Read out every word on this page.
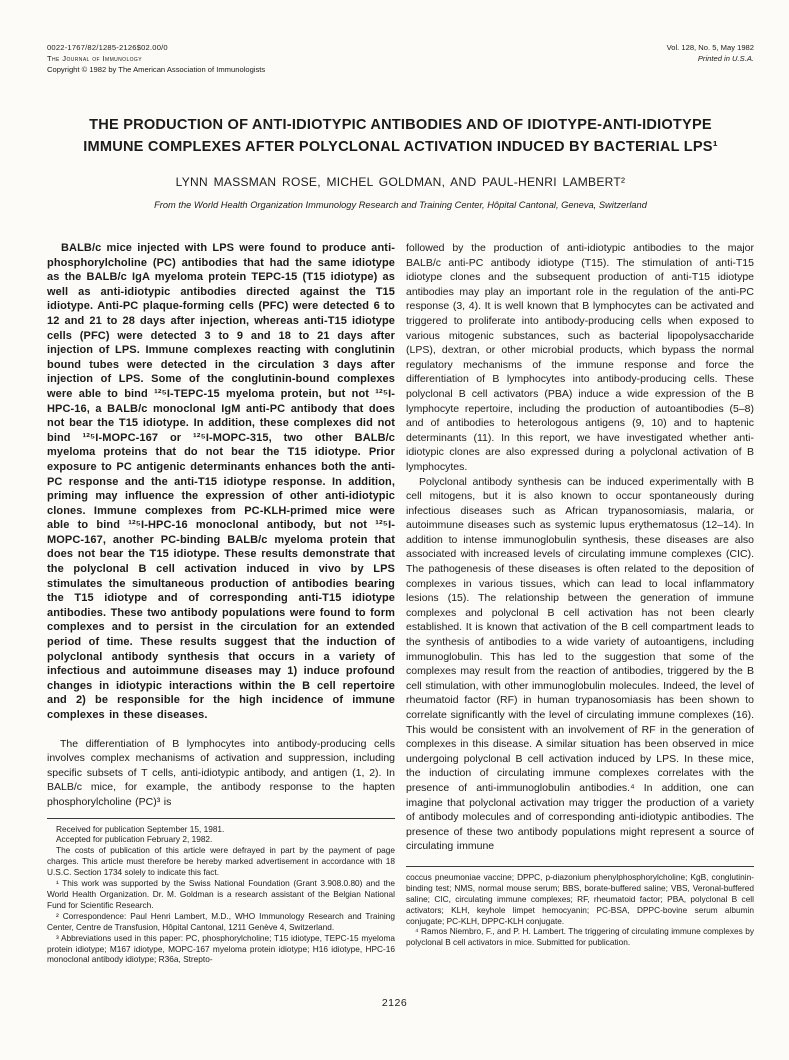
0022-1767/82/1285-2126$02.00/0
The Journal of Immunology
Copyright © 1982 by The American Association of Immunologists
Vol. 128, No. 5, May 1982
Printed in U.S.A.
THE PRODUCTION OF ANTI-IDIOTYPIC ANTIBODIES AND OF IDIOTYPE-ANTI-IDIOTYPE
IMMUNE COMPLEXES AFTER POLYCLONAL ACTIVATION INDUCED BY BACTERIAL LPS¹
LYNN MASSMAN ROSE, MICHEL GOLDMAN, AND PAUL-HENRI LAMBERT²
From the World Health Organization Immunology Research and Training Center, Hôpital Cantonal, Geneva, Switzerland

BALB/c mice injected with LPS were found to produce anti-phosphorylcholine (PC) antibodies that had the same idiotype as the BALB/c IgA myeloma protein TEPC-15 (T15 idiotype) as well as anti-idiotypic antibodies directed against the T15 idiotype. Anti-PC plaque-forming cells (PFC) were detected 6 to 12 and 21 to 28 days after injection, whereas anti-T15 idiotype cells (PFC) were detected 3 to 9 and 18 to 21 days after injection of LPS. Immune complexes reacting with conglutinin bound tubes were detected in the circulation 3 days after injection of LPS. Some of the conglutinin-bound complexes were able to bind ¹²⁵I-TEPC-15 myeloma protein, but not ¹²⁵I-HPC-16, a BALB/c monoclonal IgM anti-PC antibody that does not bear the T15 idiotype. In addition, these complexes did not bind ¹²⁵I-MOPC-167 or ¹²⁵I-MOPC-315, two other BALB/c myeloma proteins that do not bear the T15 idiotype. Prior exposure to PC antigenic determinants enhances both the anti-PC response and the anti-T15 idiotype response. In addition, priming may influence the expression of other anti-idiotypic clones. Immune complexes from PC-KLH-primed mice were able to bind ¹²⁵I-HPC-16 monoclonal antibody, but not ¹²⁵I-MOPC-167, another PC-binding BALB/c myeloma protein that does not bear the T15 idiotype. These results demonstrate that the polyclonal B cell activation induced in vivo by LPS stimulates the simultaneous production of antibodies bearing the T15 idiotype and of corresponding anti-T15 idiotype antibodies. These two antibody populations were found to form complexes and to persist in the circulation for an extended period of time. These results suggest that the induction of polyclonal antibody synthesis that occurs in a variety of infectious and autoimmune diseases may 1) induce profound changes in idiotypic interactions within the B cell repertoire and 2) be responsible for the high incidence of immune complexes in these diseases.

The differentiation of B lymphocytes into antibody-producing cells involves complex mechanisms of activation and suppression, including specific subsets of T cells, anti-idiotypic antibody, and antigen (1, 2). In BALB/c mice, for example, the antibody response to the hapten phosphorylcholine (PC)³ is

Received for publication September 15, 1981.

Accepted for publication February 2, 1982.

The costs of publication of this article were defrayed in part by the payment of page charges. This article must therefore be hereby marked advertisement in accordance with 18 U.S.C. Section 1734 solely to indicate this fact.

¹ This work was supported by the Swiss National Foundation (Grant 3.908.0.80) and the World Health Organization. Dr. M. Goldman is a research assistant of the Belgian National Fund for Scientific Research.

² Correspondence: Paul Henri Lambert, M.D., WHO Immunology Research and Training Center, Centre de Transfusion, Hôpital Cantonal, 1211 Genève 4, Switzerland.

³ Abbreviations used in this paper: PC, phosphorylcholine; T15 idiotype, TEPC-15 myeloma protein idiotype; M167 idiotype, MOPC-167 myeloma protein idiotype; H16 idiotype, HPC-16 monoclonal antibody idiotype; R36a, Strepto-

followed by the production of anti-idiotypic antibodies to the major BALB/c anti-PC antibody idiotype (T15). The stimulation of anti-T15 idiotype clones and the subsequent production of anti-T15 idiotype antibodies may play an important role in the regulation of the anti-PC response (3, 4). It is well known that B lymphocytes can be activated and triggered to proliferate into antibody-producing cells when exposed to various mitogenic substances, such as bacterial lipopolysaccharide (LPS), dextran, or other microbial products, which bypass the normal regulatory mechanisms of the immune response and force the differentiation of B lymphocytes into antibody-producing cells. These polyclonal B cell activators (PBA) induce a wide expression of the B lymphocyte repertoire, including the production of autoantibodies (5–8) and of antibodies to heterologous antigens (9, 10) and to haptenic determinants (11). In this report, we have investigated whether anti-idiotypic clones are also expressed during a polyclonal activation of B lymphocytes.

Polyclonal antibody synthesis can be induced experimentally with B cell mitogens, but it is also known to occur spontaneously during infectious diseases such as African trypanosomiasis, malaria, or autoimmune diseases such as systemic lupus erythematosus (12–14). In addition to intense immunoglobulin synthesis, these diseases are also associated with increased levels of circulating immune complexes (CIC). The pathogenesis of these diseases is often related to the deposition of complexes in various tissues, which can lead to local inflammatory lesions (15). The relationship between the generation of immune complexes and polyclonal B cell activation has not been clearly established. It is known that activation of the B cell compartment leads to the synthesis of antibodies to a wide variety of autoantigens, including immunoglobulin. This has led to the suggestion that some of the complexes may result from the reaction of antibodies, triggered by the B cell stimulation, with other immunoglobulin molecules. Indeed, the level of rheumatoid factor (RF) in human trypanosomiasis has been shown to correlate significantly with the level of circulating immune complexes (16). This would be consistent with an involvement of RF in the generation of complexes in this disease. A similar situation has been observed in mice undergoing polyclonal B cell activation induced by LPS. In these mice, the induction of circulating immune complexes correlates with the presence of anti-immunoglobulin antibodies.⁴ In addition, one can imagine that polyclonal activation may trigger the production of a variety of antibody molecules and of corresponding anti-idiotypic antibodies. The presence of these two antibody populations might represent a source of circulating immune

coccus pneumoniae vaccine; DPPC, p-diazonium phenylphosphorylcholine; KgB, conglutinin-binding test; NMS, normal mouse serum; BBS, borate-buffered saline; VBS, Veronal-buffered saline; CIC, circulating immune complexes; RF, rheumatoid factor; PBA, polyclonal B cell activators; KLH, keyhole limpet hemocyanin; PC-BSA, DPPC-bovine serum albumin conjugate; PC-KLH, DPPC-KLH conjugate.

⁴ Ramos Niembro, F., and P. H. Lambert. The triggering of circulating immune complexes by polyclonal B cell activators in mice. Submitted for publication.

2126
